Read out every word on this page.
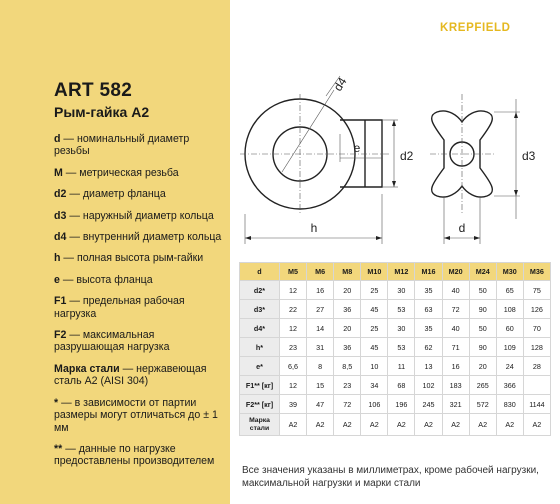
ART 582
Рым-гайка А2
d — номинальный диаметр резьбы
M — метрическая резьба
d2 — диаметр фланца
d3 — наружный диаметр кольца
d4 — внутренний диаметр кольца
h — полная высота рым-гайки
e — высота фланца
F1 — предельная рабочая нагрузка
F2 — максимальная разрушающая нагрузка
Марка стали — нержавеющая сталь А2 (AISI 304)
* — в зависимости от партии размеры могут отличаться до ± 1 мм
** — данные по нагрузке предоставлены производителем
KREPFIELD
d4
e
d2
h
d3
d
d	M5	M6	M8	M10	M12	M16	M20	M24	M30	M36
d2*	12	16	20	25	30	35	40	50	65	75
d3*	22	27	36	45	53	63	72	90	108	126
d4*	12	14	20	25	30	35	40	50	60	70
h*	23	31	36	45	53	62	71	90	109	128
e*	6,6	8	8,5	10	11	13	16	20	24	28
F1** [кг]	12	15	23	34	68	102	183	265	366	
F2** [кг]	39	47	72	106	196	245	321	572	830	1144
Марка стали	А2	А2	А2	А2	А2	А2	А2	А2	А2	А2
Все значения указаны в миллиметрах, кроме рабочей нагрузки, максимальной нагрузки и марки стали
